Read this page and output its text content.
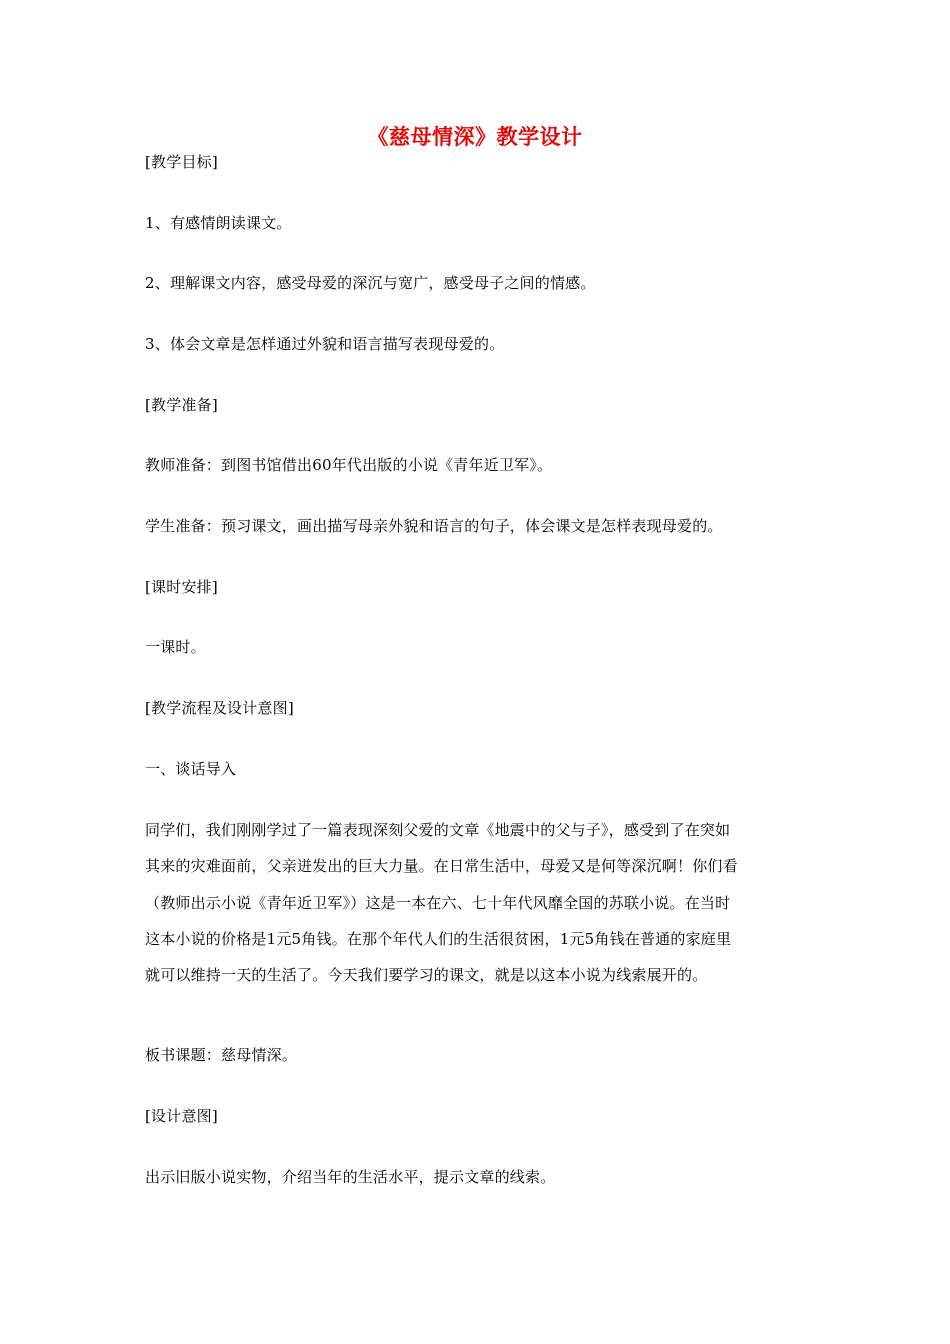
《慈母情深》教学设计
[教学目标]
1、有感情朗读课文。
2、理解课文内容，感受母爱的深沉与宽广，感受母子之间的情感。
3、体会文章是怎样通过外貌和语言描写表现母爱的。
[教学准备]
教师准备：到图书馆借出60年代出版的小说《青年近卫军》。
学生准备：预习课文，画出描写母亲外貌和语言的句子，体会课文是怎样表现母爱的。
[课时安排]
一课时。
[教学流程及设计意图]
一、谈话导入
同学们，我们刚刚学过了一篇表现深刻父爱的文章《地震中的父与子》，感受到了在突如
其来的灾难面前，父亲迸发出的巨大力量。在日常生活中，母爱又是何等深沉啊！你们看
（教师出示小说《青年近卫军》）这是一本在六、七十年代风靡全国的苏联小说。在当时
这本小说的价格是1元5角钱。在那个年代人们的生活很贫困，1元5角钱在普通的家庭里
就可以维持一天的生活了。今天我们要学习的课文，就是以这本小说为线索展开的。
板书课题：慈母情深。
[设计意图]
出示旧版小说实物，介绍当年的生活水平，提示文章的线索。
